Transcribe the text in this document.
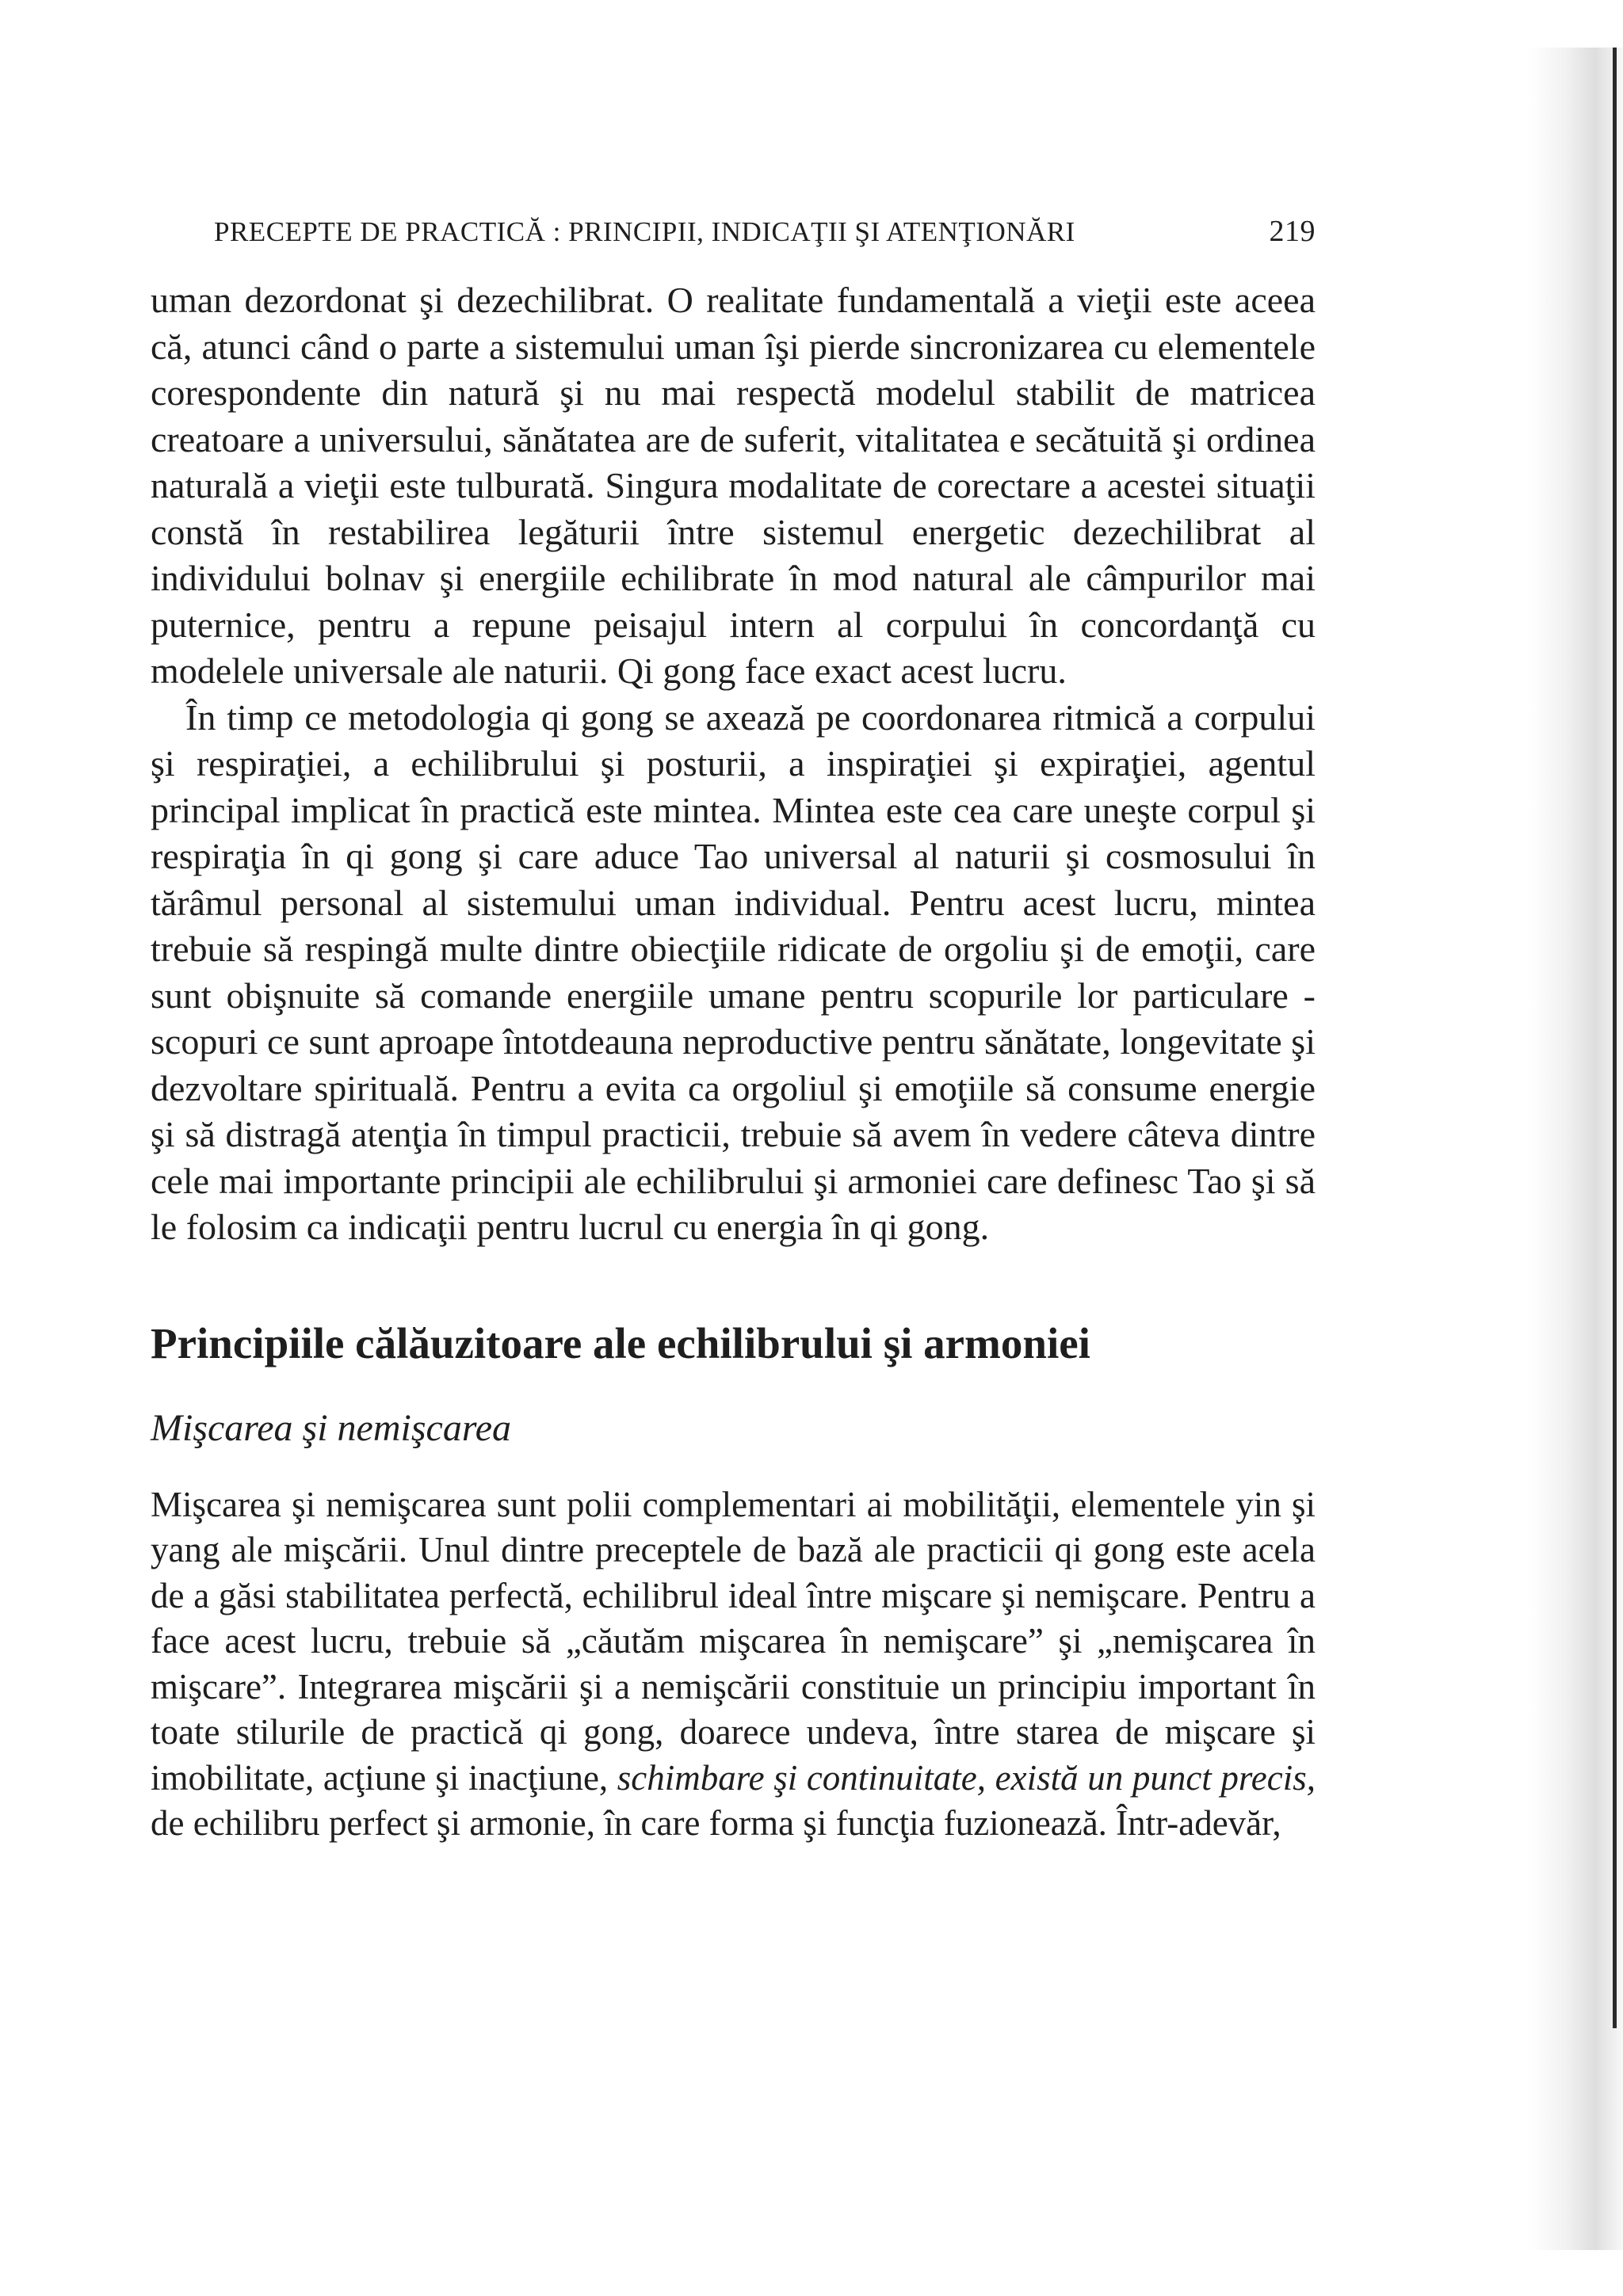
PRECEPTE DE PRACTICĂ : PRINCIPII, INDICAŢII ŞI ATENŢIONĂRI	219

uman dezordonat şi dezechilibrat. O realitate fundamentală a vieţii este aceea că, atunci când o parte a sistemului uman îşi pierde sincronizarea cu elementele corespondente din natură şi nu mai respectă modelul stabilit de matricea creatoare a universului, sănătatea are de suferit, vitalitatea e secătuită şi ordinea naturală a vieţii este tulburată. Singura modalitate de corectare a acestei situaţii constă în restabilirea legăturii între sistemul energetic dezechilibrat al individului bolnav şi energiile echilibrate în mod natural ale câmpurilor mai puternice, pentru a repune peisajul intern al corpului în concordanţă cu modelele universale ale naturii. Qi gong face exact acest lucru.

În timp ce metodologia qi gong se axează pe coordonarea ritmică a corpului şi respiraţiei, a echilibrului şi posturii, a inspiraţiei şi expiraţiei, agentul principal implicat în practică este mintea. Mintea este cea care uneşte corpul şi respiraţia în qi gong şi care aduce Tao universal al naturii şi cosmosului în tărâmul personal al sistemului uman individual. Pentru acest lucru, mintea trebuie să respingă multe dintre obiecţiile ridicate de orgoliu şi de emoţii, care sunt obişnuite să comande energiile umane pentru scopurile lor particulare - scopuri ce sunt aproape întotdeauna neproductive pentru sănătate, longevitate şi dezvoltare spirituală. Pentru a evita ca orgoliul şi emoţiile să consume energie şi să distragă atenţia în timpul practicii, trebuie să avem în vedere câteva dintre cele mai importante principii ale echilibrului şi armoniei care definesc Tao şi să le folosim ca indicaţii pentru lucrul cu energia în qi gong.

Principiile călăuzitoare ale echilibrului şi armoniei
Mişcarea şi nemişcarea

Mişcarea şi nemişcarea sunt polii complementari ai mobilităţii, elementele yin şi yang ale mişcării. Unul dintre preceptele de bază ale practicii qi gong este acela de a găsi stabilitatea perfectă, echilibrul ideal între mişcare şi nemişcare. Pentru a face acest lucru, trebuie să „căutăm mişcarea în nemişcare” şi „nemişcarea în mişcare”. Integrarea mişcării şi a nemişcării constituie un principiu important în toate stilurile de practică qi gong, doarece undeva, între starea de mişcare şi imobilitate, acţiune şi inacţiune, schimbare şi continuitate, există un punct precis, de echilibru perfect şi armonie, în care forma şi funcţia fuzionează. Într-adevăr,
